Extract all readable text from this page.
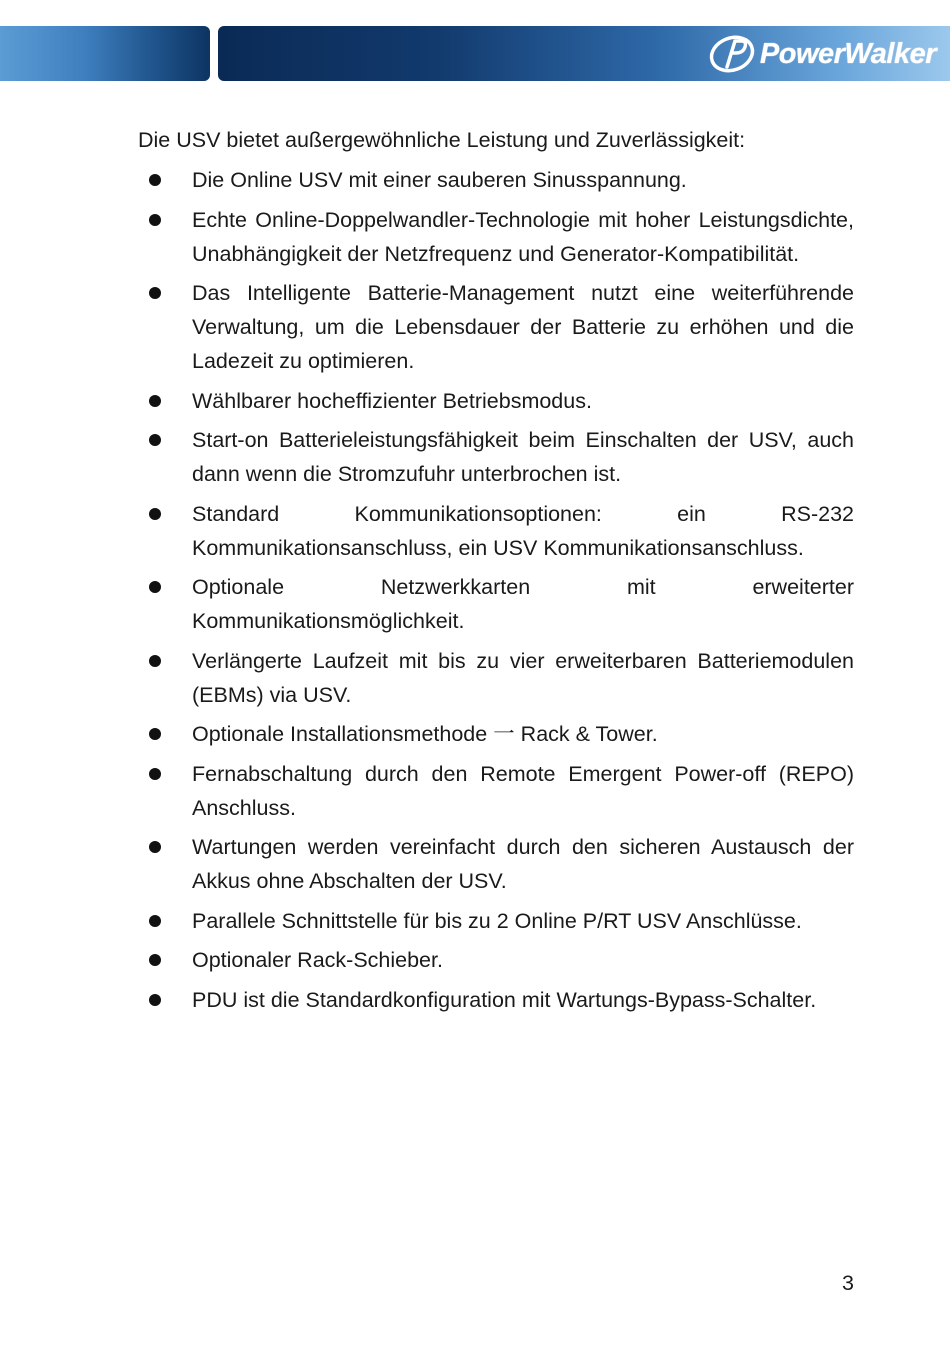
PowerWalker

Die USV bietet außergewöhnliche Leistung und Zuverlässigkeit:

Die Online USV mit einer sauberen Sinusspannung.
Echte Online-Doppelwandler-Technologie mit hoher Leistungsdichte, Unabhängigkeit der Netzfrequenz und Generator-Kompatibilität.
Das Intelligente Batterie-Management nutzt eine weiterführende Verwaltung, um die Lebensdauer der Batterie zu erhöhen und die Ladezeit zu optimieren.
Wählbarer hocheffizienter Betriebsmodus.
Start-on Batterieleistungsfähigkeit beim Einschalten der USV, auch dann wenn die Stromzufuhr unterbrochen ist.
Standard Kommunikationsoptionen: ein RS-232 Kommunikationsanschluss, ein USV Kommunikationsanschluss.
Optionale Netzwerkkarten mit erweiterter Kommunikationsmöglichkeit.
Verlängerte Laufzeit mit bis zu vier erweiterbaren Batteriemodulen (EBMs) via USV.
Optionale Installationsmethode 一 Rack & Tower.
Fernabschaltung durch den Remote Emergent Power-off (REPO) Anschluss.
Wartungen werden vereinfacht durch den sicheren Austausch der Akkus ohne Abschalten der USV.
Parallele Schnittstelle für bis zu 2 Online P/RT USV Anschlüsse.
Optionaler Rack-Schieber.
PDU ist die Standardkonfiguration mit Wartungs-Bypass-Schalter.
3
